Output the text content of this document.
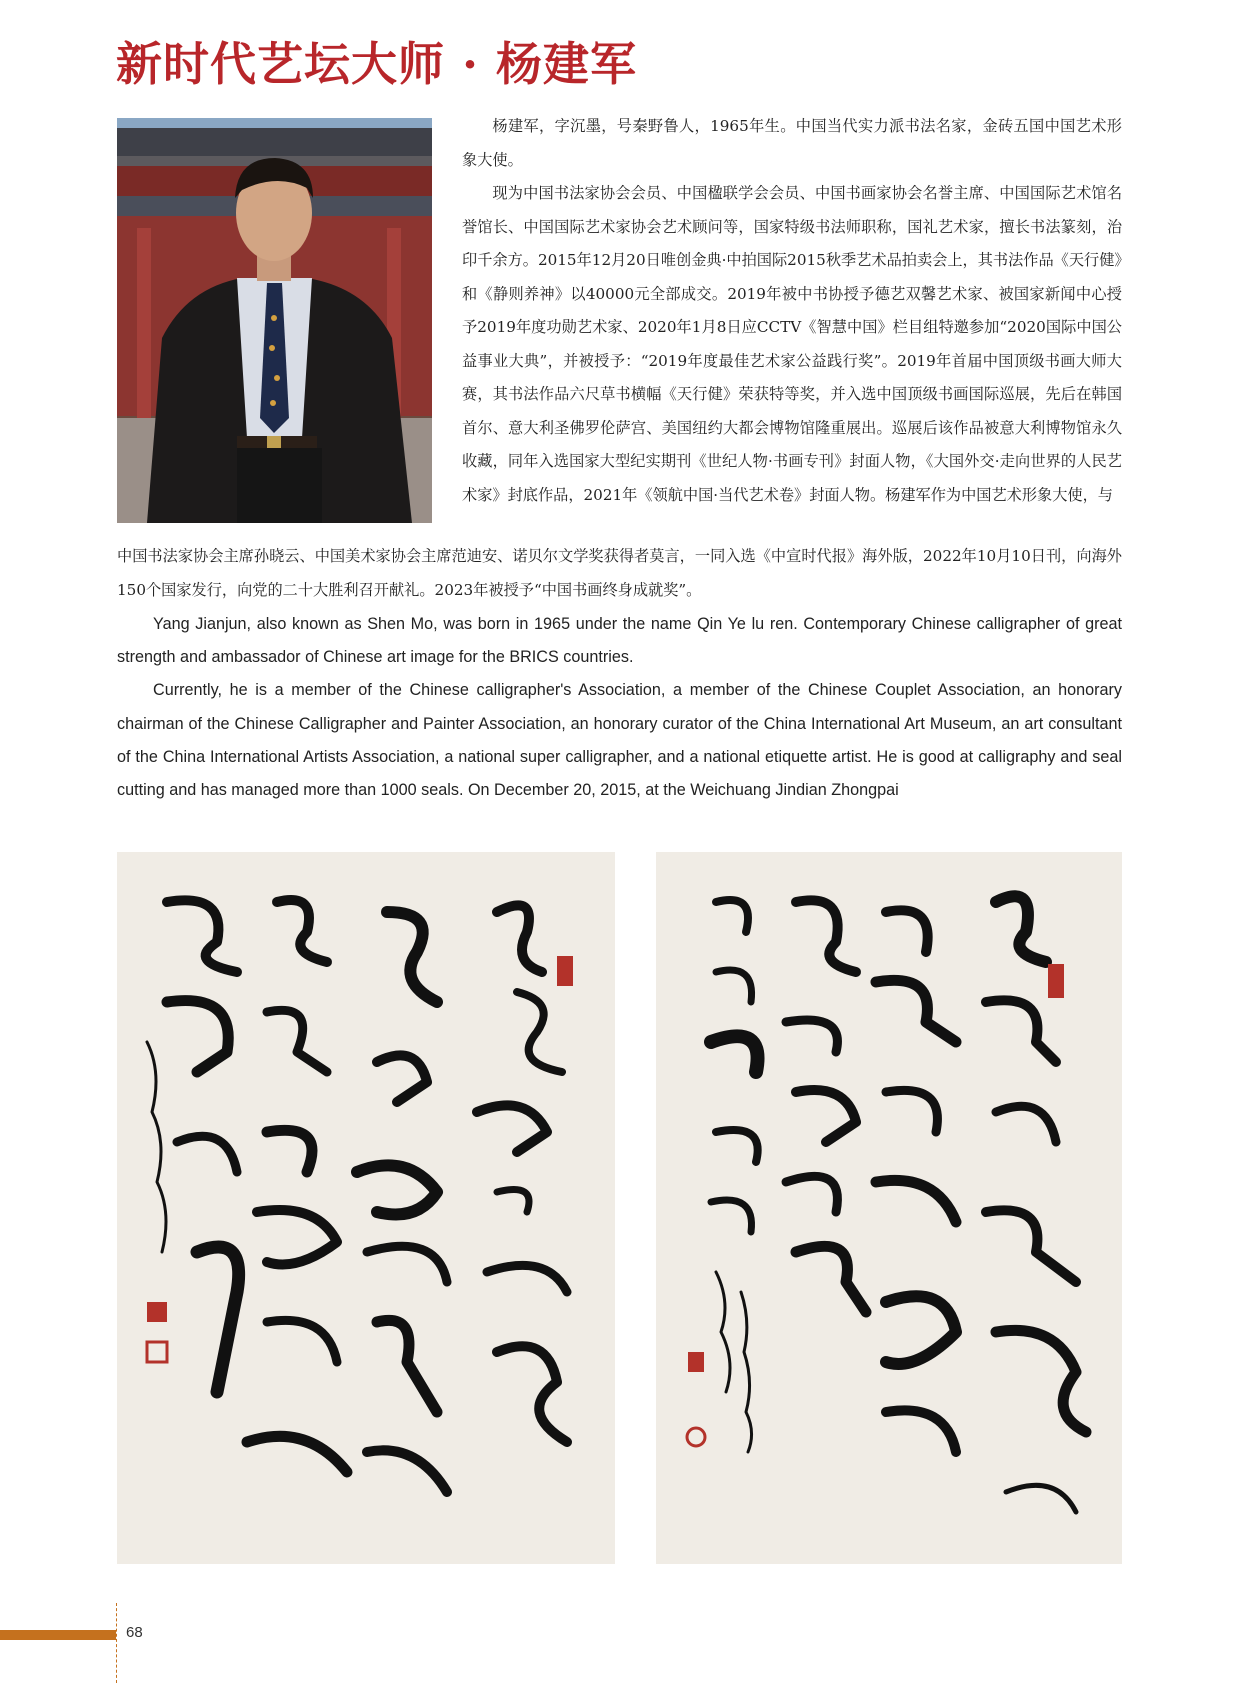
新时代艺坛大师 · 杨建军

杨建军，字沉墨，号秦野鲁人，1965年生。中国当代实力派书法名家，金砖五国中国艺术形象大使。

现为中国书法家协会会员、中国楹联学会会员、中国书画家协会名誉主席、中国国际艺术馆名誉馆长、中国国际艺术家协会艺术顾问等，国家特级书法师职称，国礼艺术家，擅长书法篆刻，治印千余方。2015年12月20日唯创金典·中拍国际2015秋季艺术品拍卖会上，其书法作品《天行健》和《静则养神》以40000元全部成交。2019年被中书协授予德艺双馨艺术家、被国家新闻中心授予2019年度功勋艺术家、2020年1月8日应CCTV《智慧中国》栏目组特邀参加“2020国际中国公益事业大典”，并被授予：“2019年度最佳艺术家公益践行奖”。2019年首届中国顶级书画大师大赛，其书法作品六尺草书横幅《天行健》荣获特等奖，并入选中国顶级书画国际巡展，先后在韩国首尔、意大利圣佛罗伦萨宫、美国纽约大都会博物馆隆重展出。巡展后该作品被意大利博物馆永久收藏，同年入选国家大型纪实期刊《世纪人物·书画专刊》封面人物，《大国外交·走向世界的人民艺术家》封底作品，2021年《领航中国·当代艺术卷》封面人物。杨建军作为中国艺术形象大使，与

中国书法家协会主席孙晓云、中国美术家协会主席范迪安、诺贝尔文学奖获得者莫言，一同入选《中宣时代报》海外版，2022年10月10日刊，向海外150个国家发行，向党的二十大胜利召开献礼。2023年被授予“中国书画终身成就奖”。

Yang Jianjun, also known as Shen Mo, was born in 1965 under the name Qin Ye lu ren. Contemporary Chinese calligrapher of great strength and ambassador of Chinese art image for the BRICS countries.

Currently, he is a member of the Chinese calligrapher's Association, a member of the Chinese Couplet Association, an honorary chairman of the Chinese Calligrapher and Painter Association, an honorary curator of the China International Art Museum, an art consultant of the China International Artists Association, a national super calligrapher, and a national etiquette artist. He is good at calligraphy and seal cutting and has managed more than 1000 seals. On December 20, 2015, at the Weichuang Jindian Zhongpai

68
